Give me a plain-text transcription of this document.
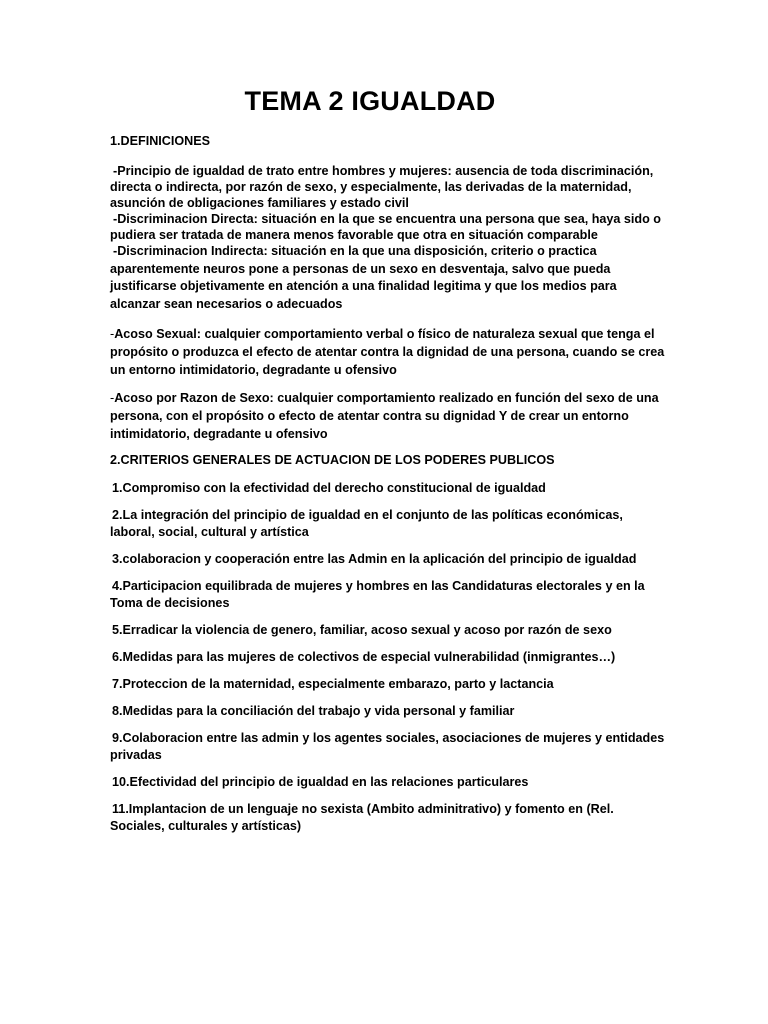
TEMA 2 IGUALDAD
1.DEFINICIONES
-Principio de igualdad de trato entre hombres y mujeres: ausencia de toda discriminación, directa o indirecta, por razón de sexo, y especialmente, las derivadas de la maternidad, asunción de obligaciones familiares y estado civil
-Discriminacion Directa: situación en la que se encuentra una persona que sea, haya sido o pudiera ser tratada de manera menos favorable que otra en situación comparable
-Discriminacion Indirecta: situación en la que una disposición, criterio o practica aparentemente neuros pone a personas de un sexo en desventaja, salvo que pueda justificarse objetivamente en atención a una finalidad legitima y que los medios para alcanzar sean necesarios o adecuados
-Acoso Sexual: cualquier comportamiento verbal o físico de naturaleza sexual que tenga el propósito o produzca el efecto de atentar contra la dignidad de una persona, cuando se crea un entorno intimidatorio, degradante u ofensivo
-Acoso por Razon de Sexo: cualquier comportamiento realizado en función del sexo de una persona, con el propósito o efecto de atentar contra su dignidad Y de crear un entorno intimidatorio, degradante u ofensivo
2.CRITERIOS GENERALES DE ACTUACION DE LOS PODERES PUBLICOS
1.Compromiso con la efectividad del derecho constitucional de igualdad
2.La integración del principio de igualdad en el conjunto de las políticas económicas, laboral, social, cultural y artística
3.colaboracion y cooperación entre las Admin en la aplicación del principio de igualdad
4.Participacion equilibrada de mujeres y hombres en las Candidaturas electorales y en la Toma de decisiones
5.Erradicar la violencia de genero, familiar, acoso sexual y acoso por razón de sexo
6.Medidas para las mujeres de colectivos de especial vulnerabilidad (inmigrantes…)
7.Proteccion de la maternidad, especialmente embarazo, parto y lactancia
8.Medidas para la conciliación del trabajo y vida personal y familiar
9.Colaboracion entre las admin y los agentes sociales, asociaciones de mujeres y entidades privadas
10.Efectividad del principio de igualdad en las relaciones particulares
11.Implantacion de un lenguaje no sexista (Ambito adminitrativo) y fomento en (Rel. Sociales, culturales y artísticas)
